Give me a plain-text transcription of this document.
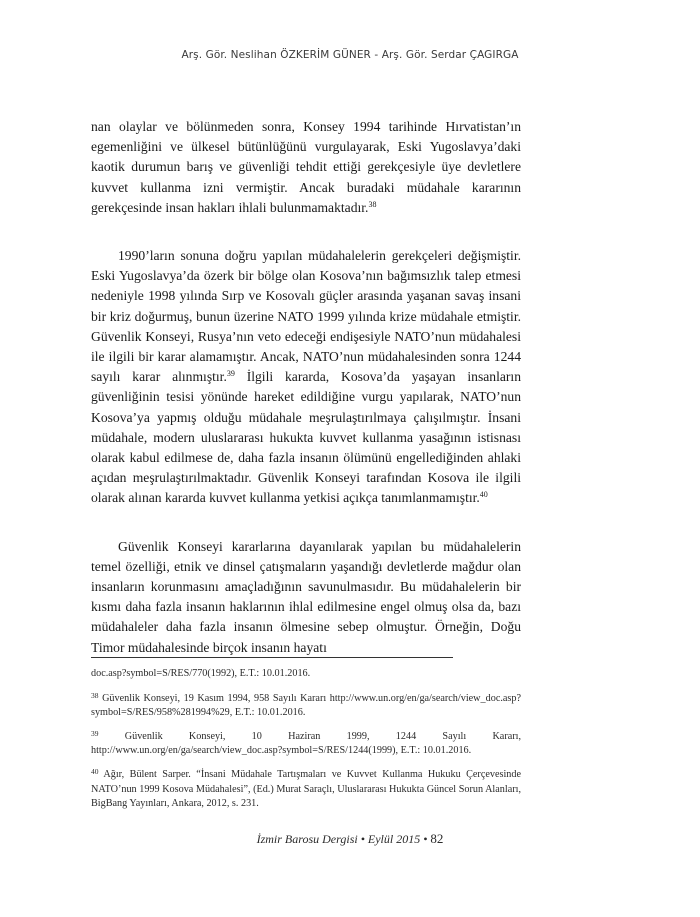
Arş. Gör. Neslihan ÖZKERİM GÜNER - Arş. Gör. Serdar ÇAGIRGA

nan olaylar ve bölünmeden sonra, Konsey 1994 tarihinde Hırvatistan’ın egemenliğini ve ülkesel bütünlüğünü vurgulayarak, Eski Yugoslavya’daki kaotik durumun barış ve güvenliği tehdit ettiği gerekçesiyle üye devletlere kuvvet kullanma izni vermiştir. Ancak buradaki müdahale kararının gerekçesinde insan hakları ihlali bulunmamaktadır.$^{38}$

1990’ların sonuna doğru yapılan müdahalelerin gerekçeleri değişmiştir. Eski Yugoslavya’da özerk bir bölge olan Kosova’nın bağımsızlık talep etmesi nedeniyle 1998 yılında Sırp ve Kosovalı güçler arasında yaşanan savaş insani bir kriz doğurmuş, bunun üzerine NATO 1999 yılında krize müdahale etmiştir. Güvenlik Konseyi, Rusya’nın veto edeceği endişesiyle NATO’nun müdahalesi ile ilgili bir karar alamamıştır. Ancak, NATO’nun müdahalesinden sonra 1244 sayılı karar alınmıştır.$^{39}$ İlgili kararda, Kosova’da yaşayan insanların güvenliğinin tesisi yönünde hareket edildiğine vurgu yapılarak, NATO’nun Kosova’ya yapmış olduğu müdahale meşrulaştırılmaya çalışılmıştır. İnsani müdahale, modern uluslararası hukukta kuvvet kullanma yasağının istisnası olarak kabul edilmese de, daha fazla insanın ölümünü engellediğinden ahlaki açıdan meşrulaştırılmaktadır. Güvenlik Konseyi tarafından Kosova ile ilgili olarak alınan kararda kuvvet kullanma yetkisi açıkça tanımlanmamıştır.$^{40}$

Güvenlik Konseyi kararlarına dayanılarak yapılan bu müdahalelerin temel özelliği, etnik ve dinsel çatışmaların yaşandığı devletlerde mağdur olan insanların korunmasını amaçladığının savunulmasıdır. Bu müdahalelerin bir kısmı daha fazla insanın haklarının ihlal edilmesine engel olmuş olsa da, bazı müdahaleler daha fazla insanın ölmesine sebep olmuştur. Örneğin, Doğu Timor müdahalesinde birçok insanın hayatı

doc.asp?symbol=S/RES/770(1992), E.T.: 10.01.2016.

$^{38}$ Güvenlik Konseyi, 19 Kasım 1994, 958 Sayılı Kararı http://www.un.org/en/ga/search/view_doc.asp?symbol=S/RES/958%281994%29, E.T.: 10.01.2016.

$^{39}$	Güvenlik Konseyi, 10 Haziran 1999, 1244 Sayılı Kararı, http://www.un.org/en/ga/search/view_doc.asp?symbol=S/RES/1244(1999), E.T.: 10.01.2016.

$^{40}$ Ağır, Bülent Sarper. “İnsani Müdahale Tartışmaları ve Kuvvet Kullanma Hukuku Çerçevesinde NATO’nun 1999 Kosova Müdahalesi”, (Ed.) Murat Saraçlı, Uluslararası Hukukta Güncel Sorun Alanları, BigBang Yayınları, Ankara, 2012, s. 231.

İzmir Barosu Dergisi • Eylül 2015 • 82
